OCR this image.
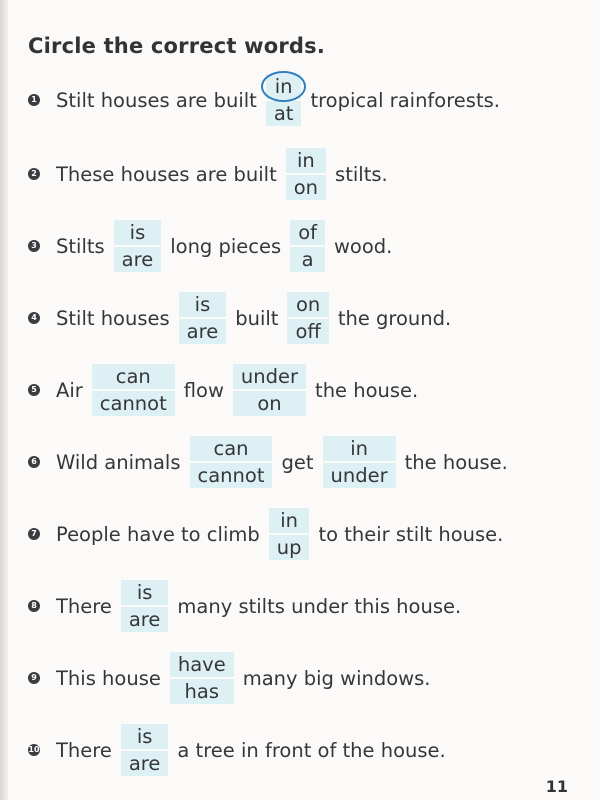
Circle the correct words.
1 Stilt houses are built
in
at
tropical rainforests.
2 These houses are built
in
on
stilts.
3 Stilts
is
are
long pieces
of
a
wood.
4 Stilt houses
is
are
built
on
off
the ground.
5 Air
can
cannot
flow
under
on
the house.
6 Wild animals
can
cannot
get
in
under
the house.
7 People have to climb
in
up
to their stilt house.
8 There
is
are
many stilts under this house.
9 This house
have
has
many big windows.
10 There
is
are
a tree in front of the house.
11
